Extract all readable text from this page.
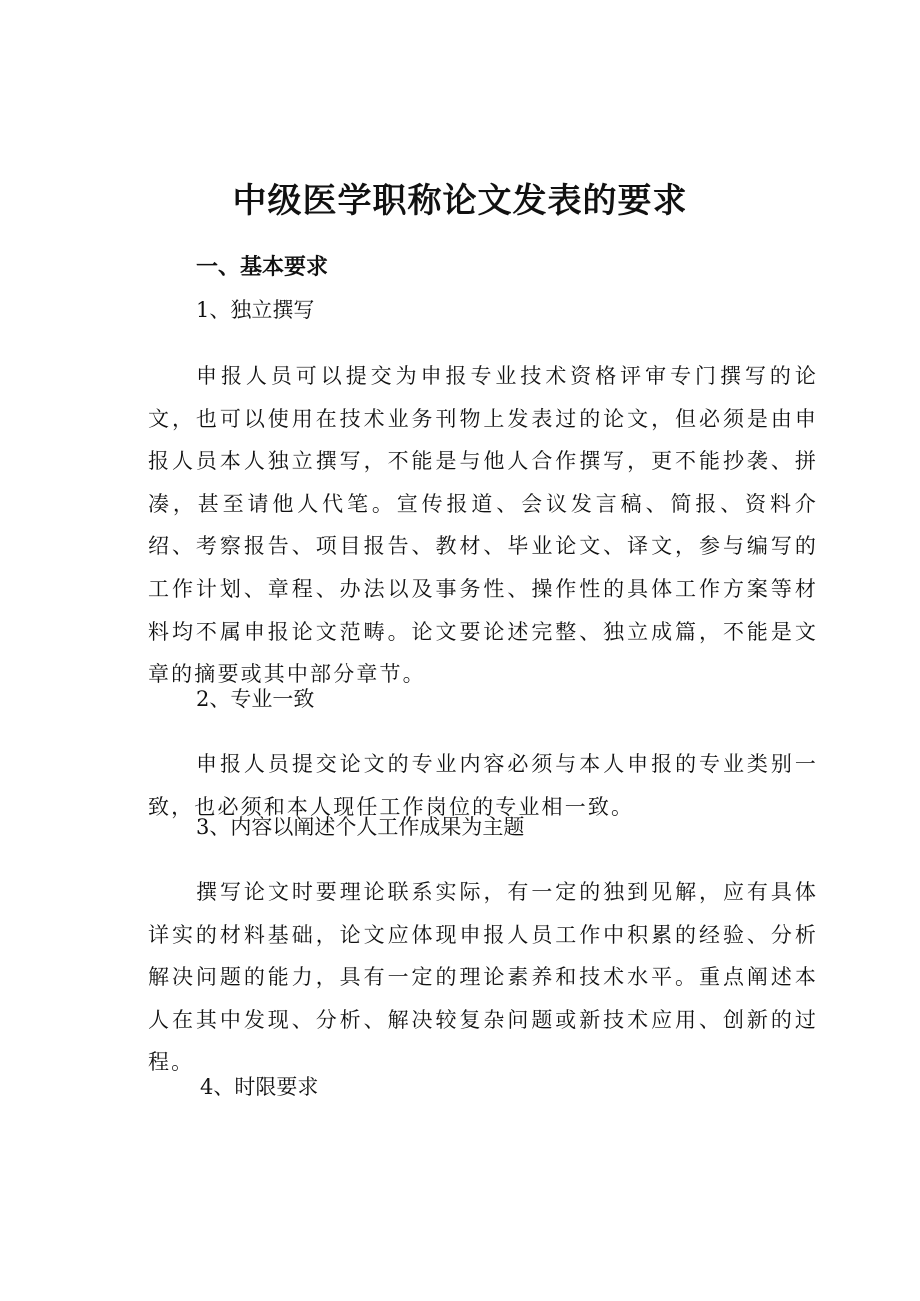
中级医学职称论文发表的要求
一、基本要求
1、独立撰写

申报人员可以提交为申报专业技术资格评审专门撰写的论文，也可以使用在技术业务刊物上发表过的论文，但必须是由申报人员本人独立撰写，不能是与他人合作撰写，更不能抄袭、拼凑，甚至请他人代笔。宣传报道、会议发言稿、简报、资料介绍、考察报告、项目报告、教材、毕业论文、译文，参与编写的工作计划、章程、办法以及事务性、操作性的具体工作方案等材料均不属申报论文范畴。论文要论述完整、独立成篇，不能是文章的摘要或其中部分章节。

2、专业一致

申报人员提交论文的专业内容必须与本人申报的专业类别一致，也必须和本人现任工作岗位的专业相一致。

3、内容以阐述个人工作成果为主题

撰写论文时要理论联系实际，有一定的独到见解，应有具体详实的材料基础，论文应体现申报人员工作中积累的经验、分析解决问题的能力，具有一定的理论素养和技术水平。重点阐述本人在其中发现、分析、解决较复杂问题或新技术应用、创新的过程。

4、时限要求
